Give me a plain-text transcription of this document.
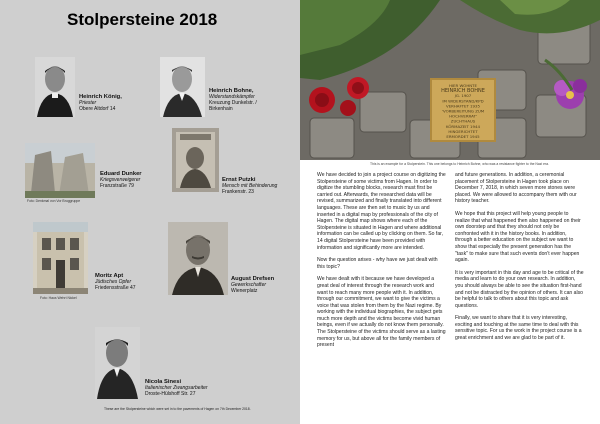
Stolpersteine 2018
Heinrich König,
Priester
Obere Altdorf 14
Heinrich Bohne,
Widerstandskämpfer
Kreuzung Dunkelstr. / Birkenhain
Foto: Denkmal von Vor Bruggruppe
Eduard Dunker
Kriegsverweigerer
Franzstraße 79
Ernst Putzki
Mensch mit Behinderung
Frankenstr. 23
Foto: Haus Wehrt Nickel
Moritz Apt
Jüdisches Opfer
Friedensstraße 47
August Drefsen
Gewerkschafter
Wienerplatz
Nicola Sinesi
Italienischer Zwangsarbeiter
Droste-Hülshoff Str. 27
These are the Stolpersteine which were set in to the pavements of Hagen on 7th December 2018.
HIER WOHNTE
HEINRICH BOHNE
JG. 1907
IM WIDERSTAND/KPD
VERHAFTET 1935
'VORBEREITUNG ZUM
HOCHVERRAT'
ZUCHTHAUS
KÖRMAZEIT 1944
HINGERICHTET
ERMORDET 1945
This is an example for a Stolperstein. This one belongs to Heinrich Bohne, who was a resistance fighter to the Nazi era.

We have decided to join a project course on digitizing the Stolpersteine of some victims from Hagen. In order to digitize the stumbling blocks, research must first be carried out. Afterwards, the researched data will be revised, summarized and finally translated into different languages. These are then set to music by us and inserted in a digital map by professionals of the city of Hagen. The digital map shows where each of the Stolpersteine is situated in Hagen and where additional information can be called up by clicking on them. So far, 14 digital Stolpersteine have been provided with information and significantly more are intended.

Now the question arises - why have we just dealt with this topic?

We have dealt with it because we have developed a great deal of interest through the research work and want to reach many more people with it. In addition, through our commitment, we want to give the victims a voice that was stolen from them by the Nazi regime. By working with the individual biographies, the subject gets much more depth and the victims become vivid human beings, even if we actually do not know them personally. The Stolpersteine of the victims should serve as a lasting memory for us, but above all for the family members of present

and future generations. In addition, a ceremonial placement of Stolpersteine in Hagen took place on December 7, 2018, in which seven more stones were placed. We were allowed to accompany them with our history teacher.

We hope that this project will help young people to realize that what happened then also happened on their own doorstep and that they should not only be confronted with it in the history books. In addition, through a better education on the subject we want to show that especially the present generation has the "task" to make sure that such events don't ever happen again.

It is very important in this day and age to be critical of the media and learn to do your own research. In addition, you should always be able to see the situation first-hand and not be distracted by the opinion of others. It can also be helpful to talk to others about this topic and ask questions.

Finally, we want to share that it is very interesting, exciting and touching at the same time to deal with this sensitive topic. For us the work in the project course is a great enrichment and we are glad to be part of it.
